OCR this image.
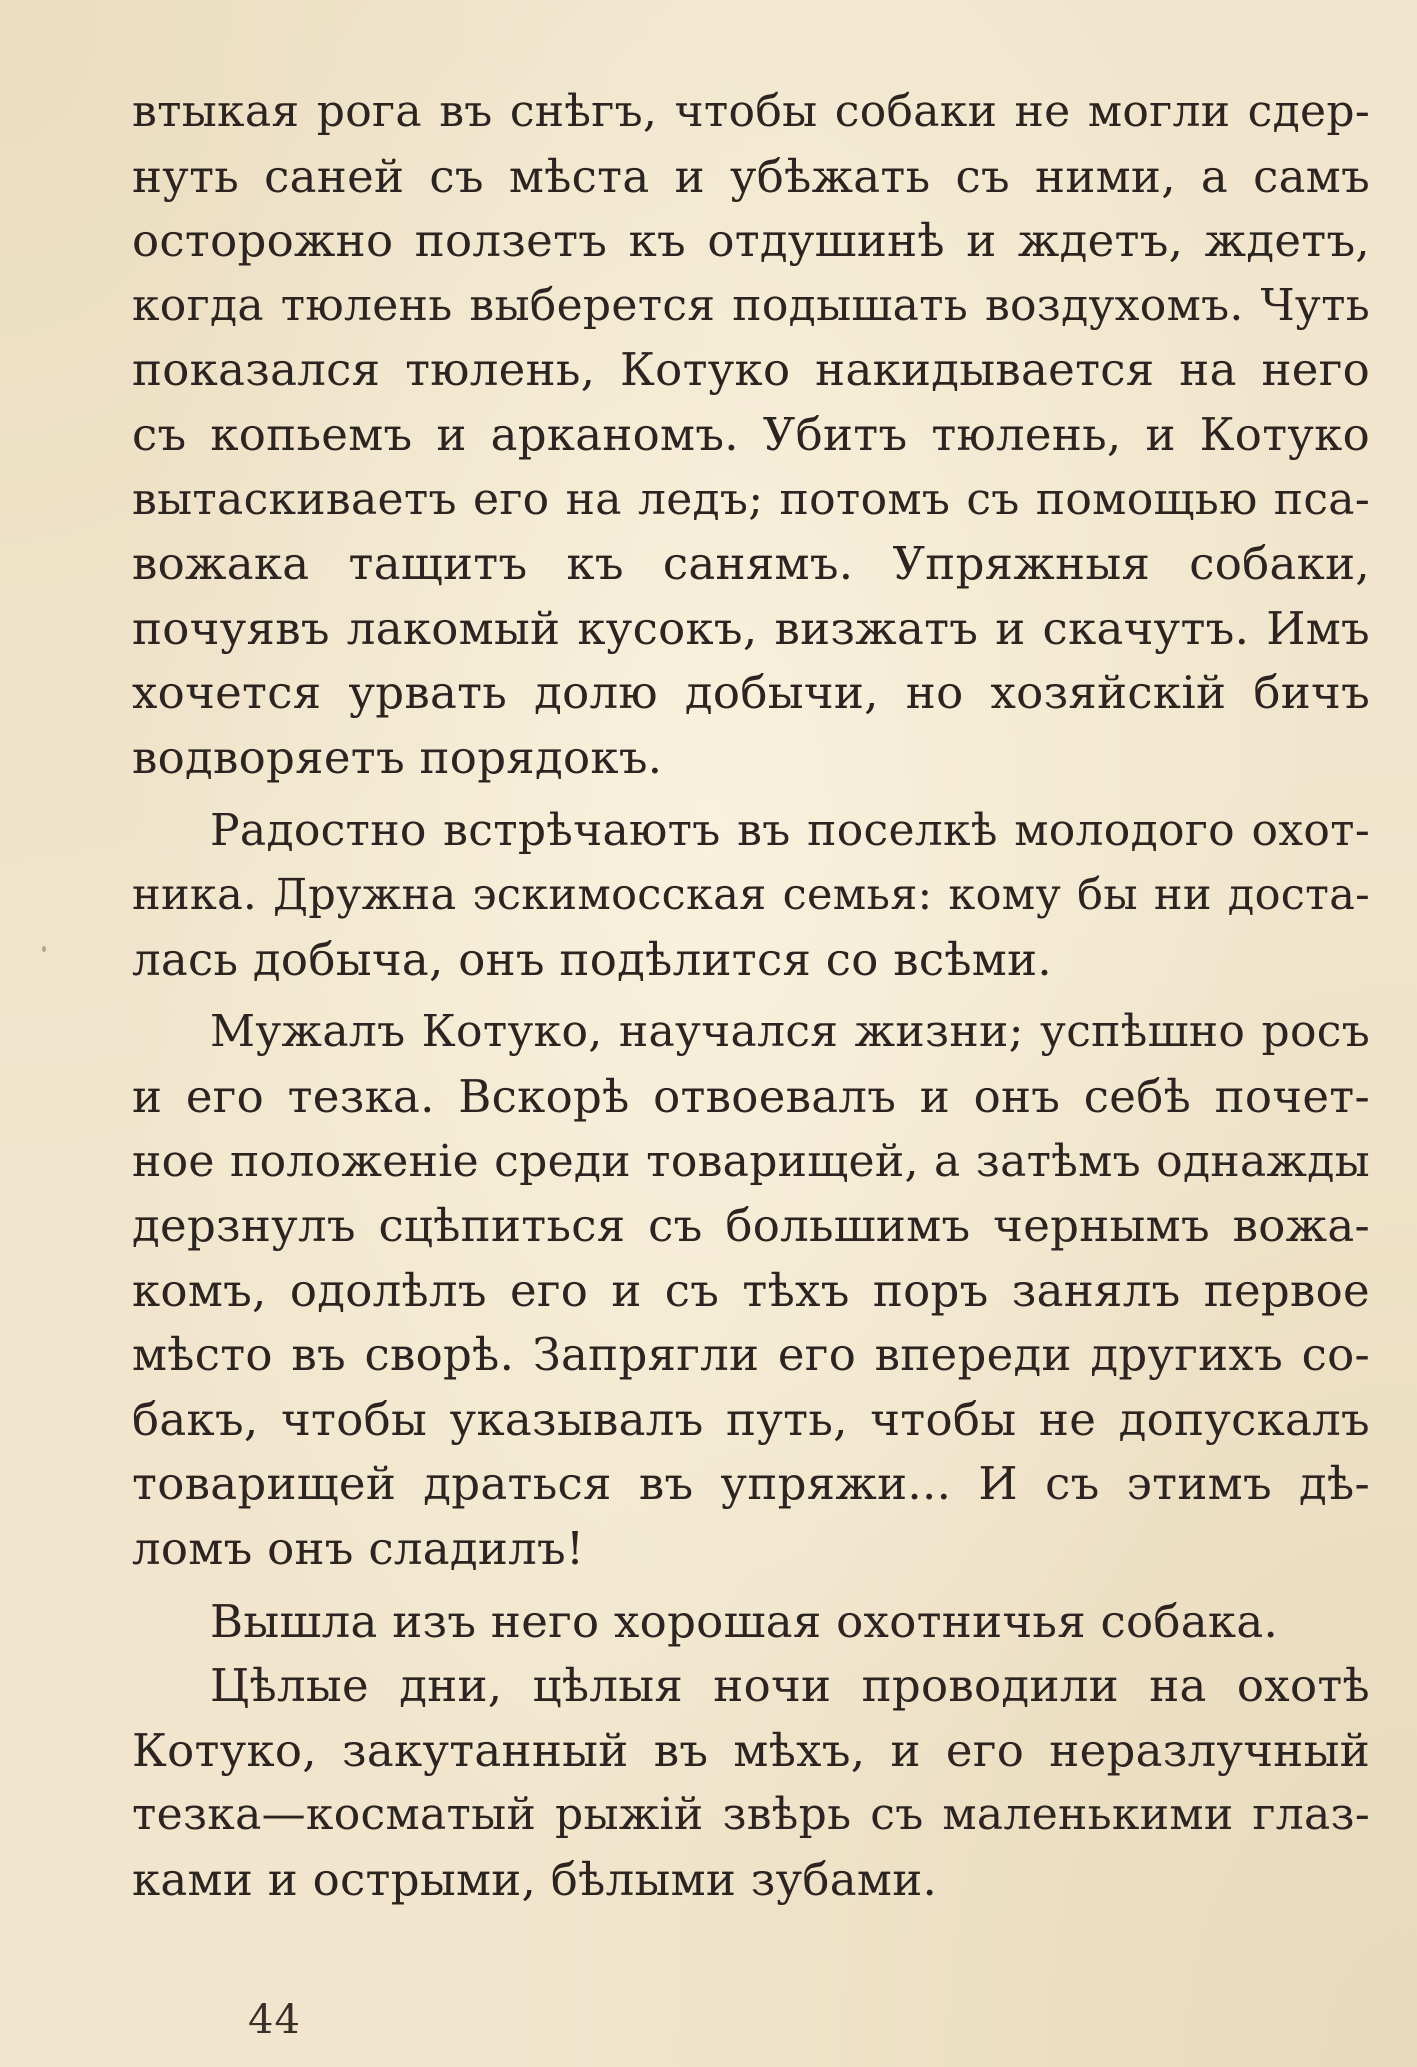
втыкая рога въ снѣгъ, чтобы собаки не могли сдер-
нуть саней съ мѣста и убѣжать съ ними, а самъ
осторожно ползетъ къ отдушинѣ и ждетъ, ждетъ,
когда тюлень выберется подышать воздухомъ. Чуть
показался тюлень, Котуко накидывается на него
съ копьемъ и арканомъ. Убитъ тюлень, и Котуко
вытаскиваетъ его на ледъ; потомъ съ помощью пса-
вожака тащитъ къ санямъ. Упряжныя собаки,
почуявъ лакомый кусокъ, визжатъ и скачутъ. Имъ
хочется урвать долю добычи, но хозяйскій бичъ
водворяетъ порядокъ.
Радостно встрѣчаютъ въ поселкѣ молодого охот-
ника. Дружна эскимосская семья: кому бы ни доста-
лась добыча, онъ подѣлится со всѣми.
Мужалъ Котуко, научался жизни; успѣшно росъ
и его тезка. Вскорѣ отвоевалъ и онъ себѣ почет-
ное положеніе среди товарищей, а затѣмъ однажды
дерзнулъ сцѣпиться съ большимъ чернымъ вожа-
комъ, одолѣлъ его и съ тѣхъ поръ занялъ первое
мѣсто въ сворѣ. Запрягли его впереди другихъ со-
бакъ, чтобы указывалъ путь, чтобы не допускалъ
товарищей драться въ упряжи... И съ этимъ дѣ-
ломъ онъ сладилъ!
Вышла изъ него хорошая охотничья собака.
Цѣлые дни, цѣлыя ночи проводили на охотѣ
Котуко, закутанный въ мѣхъ, и его неразлучный
тезка—косматый рыжій звѣрь съ маленькими глаз-
ками и острыми, бѣлыми зубами.
44
